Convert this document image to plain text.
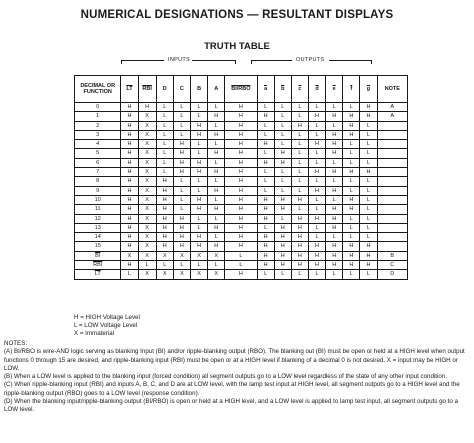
NUMERICAL DESIGNATIONS — RESULTANT DISPLAYS
TRUTH TABLE
INPUTS	OUTPUTS
DECIMAL OR FUNCTION	$\overline{LT}$	$\overline{RBI}$	D	C	B	A	BI/RBO	$\overline{a}$	$\overline{b}$	$\overline{c}$	$\overline{d}$	$\overline{e}$	$\overline{f}$	$\overline{g}$	NOTE
0	H	H	L	L	L	L	H	L	L	L	L	L	L	H	A
1	H	X	L	L	L	H	H	H	L	L	H	H	H	H	A
2	H	X	L	L	H	L	H	L	L	H	L	L	H	L	
3	H	X	L	L	H	H	H	L	L	L	L	H	H	L	
4	H	X	L	H	L	L	H	H	L	L	H	H	L	L	
5	H	X	L	H	L	H	H	L	H	L	L	H	L	L	
6	H	X	L	H	H	L	H	H	H	L	L	L	L	L	
7	H	X	L	H	H	H	H	L	L	L	H	H	H	H	
8	H	X	H	L	L	L	H	L	L	L	L	L	L	L	
9	H	X	H	L	L	H	H	L	L	L	H	H	L	L	
10	H	X	H	L	H	L	H	H	H	H	L	L	H	L	
11	H	X	H	L	H	H	H	H	H	L	L	H	H	L	
12	H	X	H	H	L	L	H	H	L	H	H	H	L	L	
13	H	X	H	H	L	H	H	L	H	H	L	H	L	L	
14	H	X	H	H	H	L	H	H	H	H	L	L	L	L	
15	H	X	H	H	H	H	H	H	H	H	H	H	H	H	
$\overline{BI}$	X	X	X	X	X	X	L	H	H	H	H	H	H	H	B
$\overline{RBI}$	H	L	L	L	L	L	L	H	H	H	H	H	H	H	C
$\overline{LT}$	L	X	X	X	X	X	H	L	L	L	L	L	L	L	D
H = HIGH Voltage Level
L = LOW Voltage Level
X = Immaterial

NOTES:

(A) BI/RBO is wire-AND logic serving as blanking Input (BI) and/or ripple-blanking output (RBO). The blanking out (BI) must be open or held at a HIGH level when output functions 0 through 15 are desired, and ripple-blanking input (RBI) must be open or at a HIGH level if blanking of a decimal 0 is not desired. X = input may be HIGH or LOW.

(B) When a LOW level is applied to the blanking input (forced condition) all segment outputs go to a LOW level regardless of the state of any other input condition.

(C) When ripple-blanking input (RBI) and inputs A, B, C, and D are at LOW level, with the lamp test input at HIGH level, all segment outputs go to a HIGH level and the ripple-blanking output (RBO) goes to a LOW level (response condition).

(D) When the blanking input/ripple-blanking output (BI/RBO) is open or held at a HIGH level, and a LOW level is applied to lamp test input, all segment outputs go to a LOW level.
